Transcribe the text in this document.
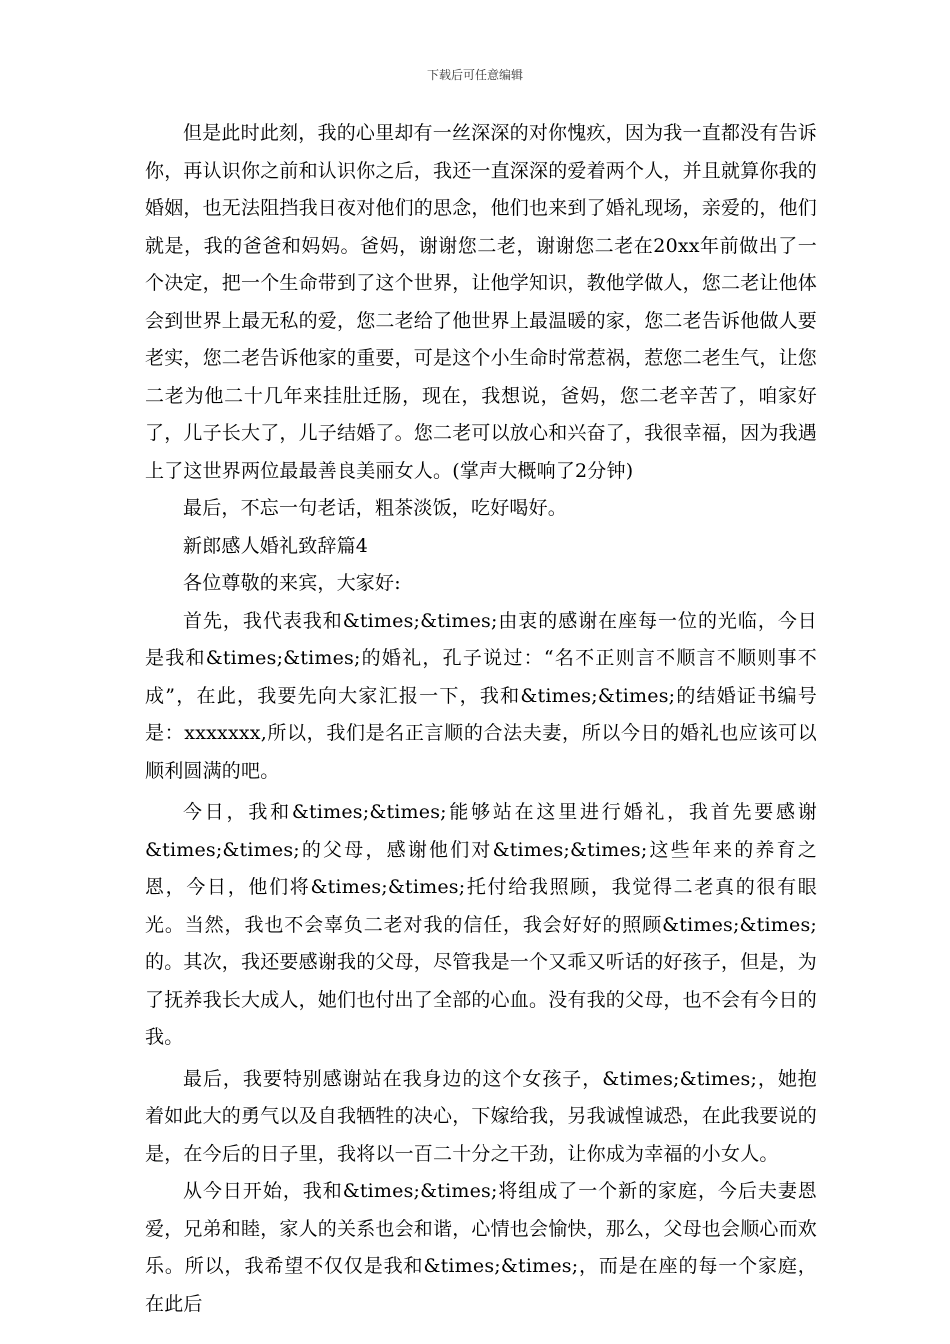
下载后可任意编辑

但是此时此刻，我的心里却有一丝深深的对你愧疚，因为我一直都没有告诉你，再认识你之前和认识你之后，我还一直深深的爱着两个人，并且就算你我的婚姻，也无法阻挡我日夜对他们的思念，他们也来到了婚礼现场，亲爱的，他们就是，我的爸爸和妈妈。爸妈，谢谢您二老，谢谢您二老在20xx年前做出了一个决定，把一个生命带到了这个世界，让他学知识，教他学做人，您二老让他体会到世界上最无私的爱，您二老给了他世界上最温暖的家，您二老告诉他做人要老实，您二老告诉他家的重要，可是这个小生命时常惹祸，惹您二老生气，让您二老为他二十几年来挂肚迁肠，现在，我想说，爸妈，您二老辛苦了，咱家好了，儿子长大了，儿子结婚了。您二老可以放心和兴奋了，我很幸福，因为我遇上了这世界两位最最善良美丽女人。(掌声大概响了2分钟)

最后，不忘一句老话，粗茶淡饭，吃好喝好。

新郎感人婚礼致辞篇4

各位尊敬的来宾，大家好:

首先，我代表我和&times;&times;由衷的感谢在座每一位的光临，今日是我和&times;&times;的婚礼，孔子说过：“名不正则言不顺言不顺则事不成”，在此，我要先向大家汇报一下，我和&times;&times;的结婚证书编号是：xxxxxxx,所以，我们是名正言顺的合法夫妻，所以今日的婚礼也应该可以顺利圆满的吧。

今日，我和&times;&times;能够站在这里进行婚礼，我首先要感谢&times;&times;的父母，感谢他们对&times;&times;这些年来的养育之恩，今日，他们将&times;&times;托付给我照顾，我觉得二老真的很有眼光。当然，我也不会辜负二老对我的信任，我会好好的照顾&times;&times;的。其次，我还要感谢我的父母，尽管我是一个又乖又听话的好孩子，但是，为了抚养我长大成人，她们也付出了全部的心血。没有我的父母，也不会有今日的我。

最后，我要特别感谢站在我身边的这个女孩子，&times;&times;，她抱着如此大的勇气以及自我牺牲的决心，下嫁给我，另我诚惶诚恐，在此我要说的是，在今后的日子里，我将以一百二十分之干劲，让你成为幸福的小女人。

从今日开始，我和&times;&times;将组成了一个新的家庭，今后夫妻恩爱，兄弟和睦，家人的关系也会和谐，心情也会愉快，那么，父母也会顺心而欢乐。所以，我希望不仅仅是我和&times;&times;，而是在座的每一个家庭，在此后
